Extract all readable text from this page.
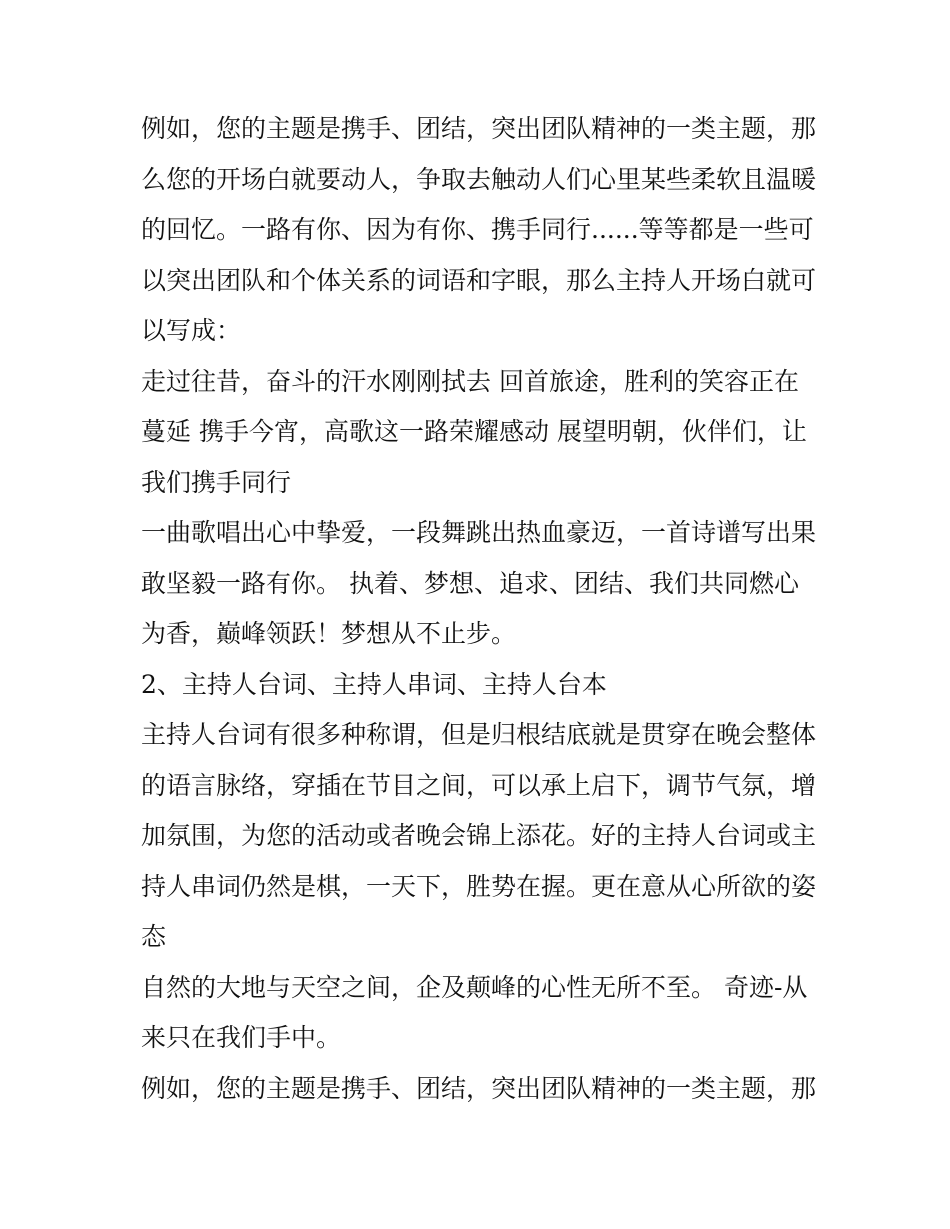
例如，您的主题是携手、团结，突出团队精神的一类主题，那
么您的开场白就要动人，争取去触动人们心里某些柔软且温暖
的回忆。一路有你、因为有你、携手同行......等等都是一些可
以突出团队和个体关系的词语和字眼，那么主持人开场白就可
以写成：

走过往昔，奋斗的汗水刚刚拭去 回首旅途，胜利的笑容正在
蔓延 携手今宵，高歌这一路荣耀感动 展望明朝，伙伴们，让
我们携手同行

一曲歌唱出心中挚爱，一段舞跳出热血豪迈，一首诗谱写出果
敢坚毅一路有你。 执着、梦想、追求、团结、我们共同燃心
为香，巅峰领跃！梦想从不止步。

2、主持人台词、主持人串词、主持人台本

主持人台词有很多种称谓，但是归根结底就是贯穿在晚会整体
的语言脉络，穿插在节目之间，可以承上启下，调节气氛，增
加氛围，为您的活动或者晚会锦上添花。好的主持人台词或主
持人串词仍然是棋，一天下，胜势在握。更在意从心所欲的姿
态

自然的大地与天空之间，企及颠峰的心性无所不至。 奇迹-从
来只在我们手中。

例如，您的主题是携手、团结，突出团队精神的一类主题，那
